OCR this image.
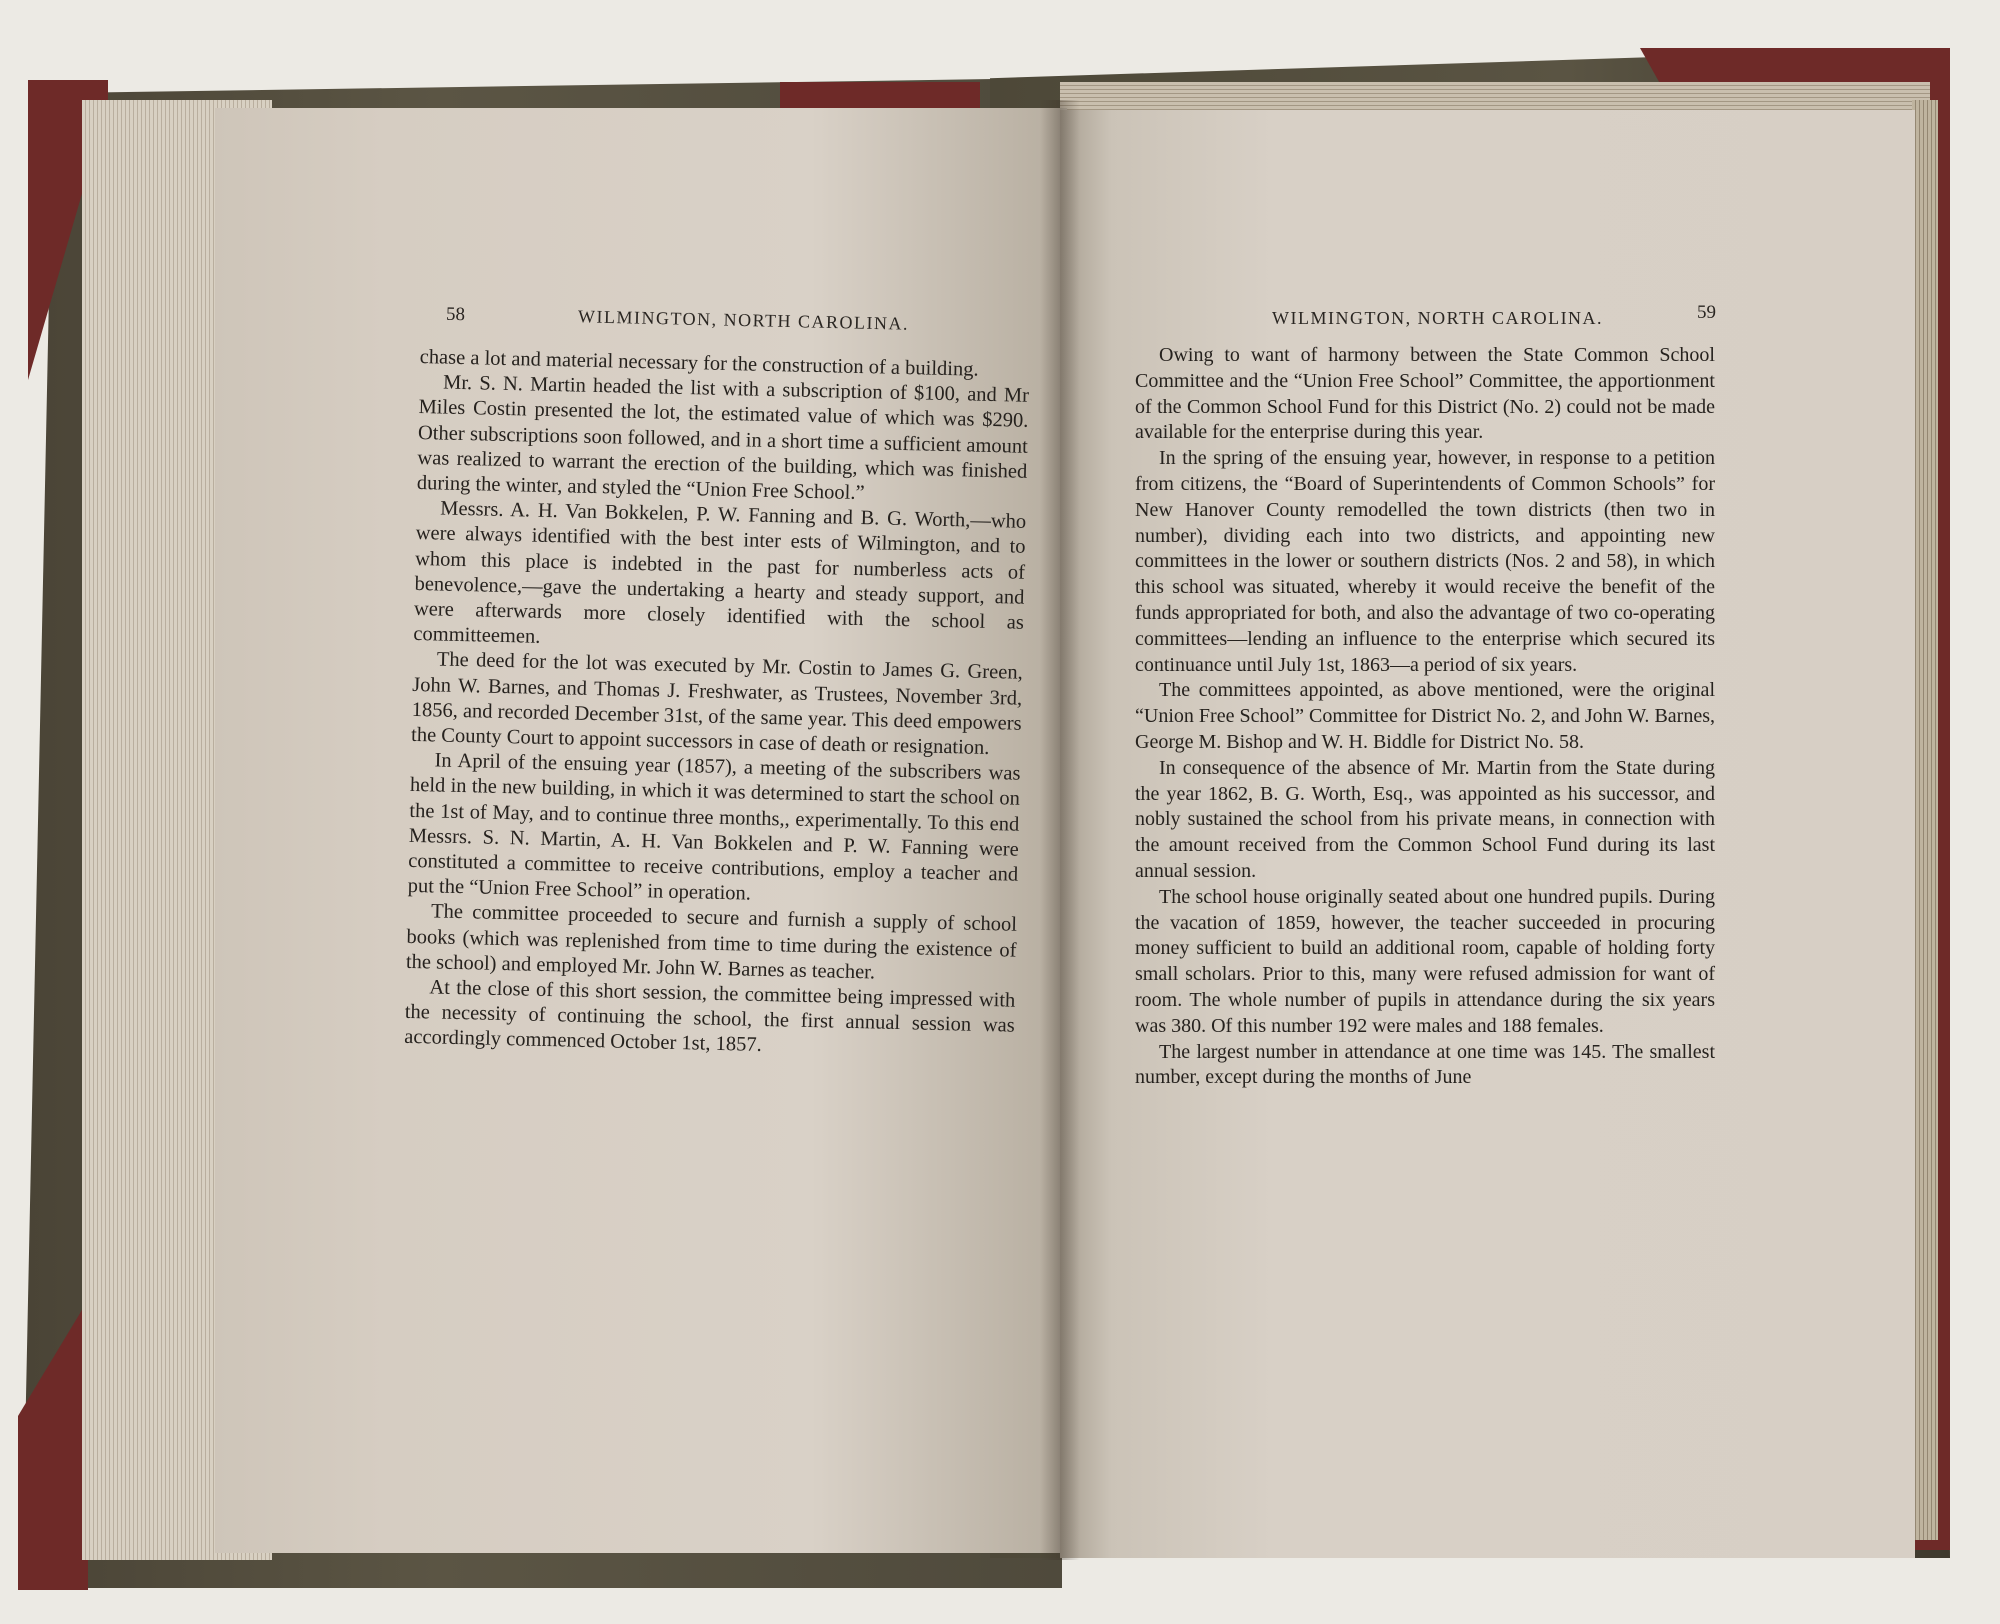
58	WILMINGTON, NORTH CAROLINA.

chase a lot and material necessary for the construction of a building.

Mr. S. N. Martin headed the list with a subscription of $100, and Mr Miles Costin presented the lot, the estimated value of which was $290. Other subscriptions soon followed, and in a short time a sufficient amount was realized to warrant the erection of the building, which was finished during the winter, and styled the “Union Free School.”

Messrs. A. H. Van Bokkelen, P. W. Fanning and B. G. Worth,—who were always identified with the best inter ests of Wilmington, and to whom this place is indebted in the past for numberless acts of benevolence,—gave the undertaking a hearty and steady support, and were afterwards more closely identified with the school as committeemen.

The deed for the lot was executed by Mr. Costin to James G. Green, John W. Barnes, and Thomas J. Freshwater, as Trustees, November 3rd, 1856, and recorded December 31st, of the same year. This deed empowers the County Court to appoint successors in case of death or resignation.

In April of the ensuing year (1857), a meeting of the subscribers was held in the new building, in which it was determined to start the school on the 1st of May, and to continue three months,, experimentally. To this end Messrs. S. N. Martin, A. H. Van Bokkelen and P. W. Fanning were constituted a committee to receive contributions, employ a teacher and put the “Union Free School” in operation.

The committee proceeded to secure and furnish a supply of school books (which was replenished from time to time during the existence of the school) and employed Mr. John W. Barnes as teacher.

At the close of this short session, the committee being impressed with the necessity of continuing the school, the first annual session was accordingly commenced October 1st, 1857.

WILMINGTON, NORTH CAROLINA.	59

Owing to want of harmony between the State Common School Committee and the “Union Free School” Committee, the apportionment of the Common School Fund for this District (No. 2) could not be made available for the enterprise during this year.

In the spring of the ensuing year, however, in response to a petition from citizens, the “Board of Superintendents of Common Schools” for New Hanover County remodelled the town districts (then two in number), dividing each into two districts, and appointing new committees in the lower or southern districts (Nos. 2 and 58), in which this school was situated, whereby it would receive the benefit of the funds appropriated for both, and also the advantage of two co-operating committees—lending an influence to the enterprise which secured its continuance until July 1st, 1863—a period of six years.

The committees appointed, as above mentioned, were the original “Union Free School” Committee for District No. 2, and John W. Barnes, George M. Bishop and W. H. Biddle for District No. 58.

In consequence of the absence of Mr. Martin from the State during the year 1862, B. G. Worth, Esq., was appointed as his successor, and nobly sustained the school from his private means, in connection with the amount received from the Common School Fund during its last annual session.

The school house originally seated about one hundred pupils. During the vacation of 1859, however, the teacher succeeded in procuring money sufficient to build an additional room, capable of holding forty small scholars. Prior to this, many were refused admission for want of room. The whole number of pupils in attendance during the six years was 380. Of this number 192 were males and 188 females.

The largest number in attendance at one time was 145. The smallest number, except during the months of June
